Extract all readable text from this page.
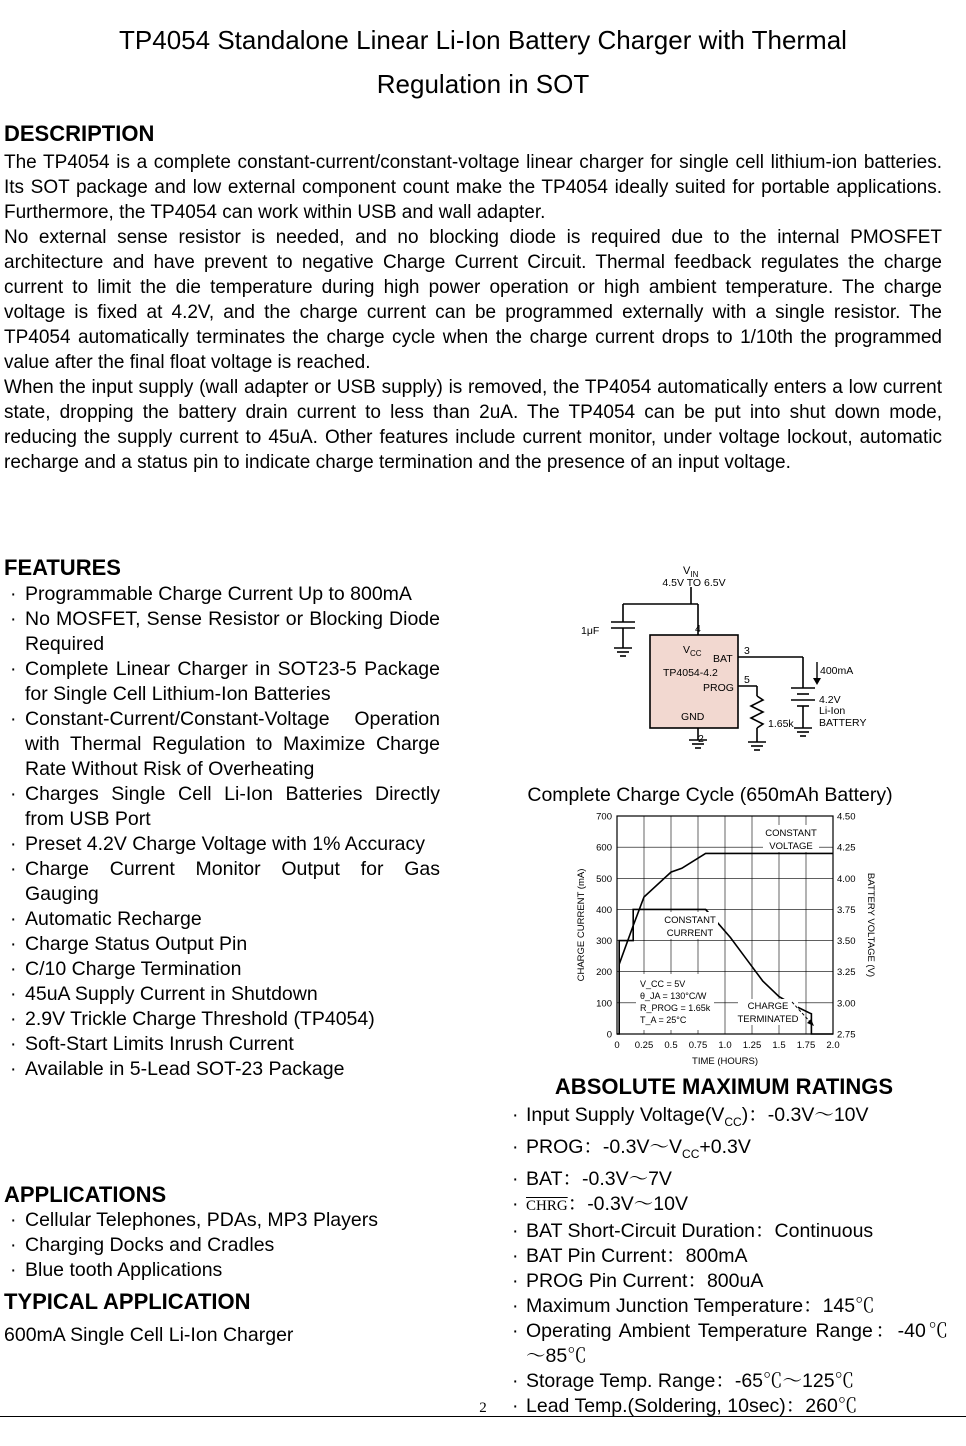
TP4054 Standalone Linear Li-Ion Battery Charger with Thermal
Regulation in SOT
DESCRIPTION

The TP4054 is a complete constant-current/constant-voltage linear charger for single cell lithium-ion batteries. Its SOT package and low external component count make the TP4054 ideally suited for portable applications. Furthermore, the TP4054 can work within USB and wall adapter.

No external sense resistor is needed, and no blocking diode is required due to the internal PMOSFET architecture and have prevent to negative Charge Current Circuit. Thermal feedback regulates the charge current to limit the die temperature during high power operation or high ambient temperature. The charge voltage is fixed at 4.2V, and the charge current can be programmed externally with a single resistor. The TP4054 automatically terminates the charge cycle when the charge current drops to 1/10th the programmed value after the final float voltage is reached.

When the input supply (wall adapter or USB supply) is removed, the TP4054 automatically enters a low current state, dropping the battery drain current to less than 2uA. The TP4054 can be put into shut down mode, reducing the supply current to 45uA. Other features include current monitor, under voltage lockout, automatic recharge and a status pin to indicate charge termination and the presence of an input voltage.

FEATURES
· Programmable Charge Current Up to 800mA
· No MOSFET, Sense Resistor or Blocking Diode Required
· Complete Linear Charger in SOT23-5 Package for Single Cell Lithium-Ion Batteries
· Constant-Current/Constant-Voltage Operation with Thermal Regulation to Maximize Charge Rate Without Risk of Overheating
· Charges Single Cell Li-Ion Batteries Directly from USB Port
· Preset 4.2V Charge Voltage with 1% Accuracy
· Charge Current Monitor Output for Gas Gauging
· Automatic Recharge
· Charge Status Output Pin
· C/10 Charge Termination
· 45uA Supply Current in Shutdown
· 2.9V Trickle Charge Threshold (TP4054)
· Soft-Start Limits Inrush Current
· Available in 5-Lead SOT-23 Package
APPLICATIONS
· Cellular Telephones, PDAs, MP3 Players
· Charging Docks and Cradles
· Blue tooth Applications
TYPICAL APPLICATION
600mA Single Cell Li-Ion Charger
$V_{IN}$
4.5V TO 6.5V
1μF	4
3
5
2
$V_{CC}$ BAT
TP4054-4.2
PROG
GND
400mA
1.65k
4.2V
Li-Ion
BATTERY
Complete Charge Cycle (650mAh Battery)
0 0.25 0.5 0.75 1.0 1.25 1.5 1.75 2.0
0
100
200
300
400
500
600
700
2.75
3.00
3.25
3.50
3.75
4.00
4.25
4.50
CONSTANT
VOLTAGE
CONSTANT
CURRENT
CHARGE
TERMINATED
V_CC = 5V
θ_JA = 130°C/W
R_PROG = 1.65k
T_A = 25°C
TIME (HOURS)
CHARGE CURRENT (mA)	BATTERY VOLTAGE (V)
ABSOLUTE MAXIMUM RATINGS
· Input Supply $Voltage(V_{CC})$：-0.3V～10V
· PROG：$-0.3V\sim V_{CC}+0.3V$
· BAT：-0.3V～7V
· CHRG：-0.3V～10V
· BAT Short-Circuit Duration：Continuous
· BAT Pin Current：800mA
· PROG Pin Current：800uA
· Maximum Junction Temperature：145℃
· Operating Ambient Temperature Range：-40℃～85℃
· Storage Temp. Range：-65℃～125℃
· Lead Temp.(Soldering, 10sec)：260℃
2
